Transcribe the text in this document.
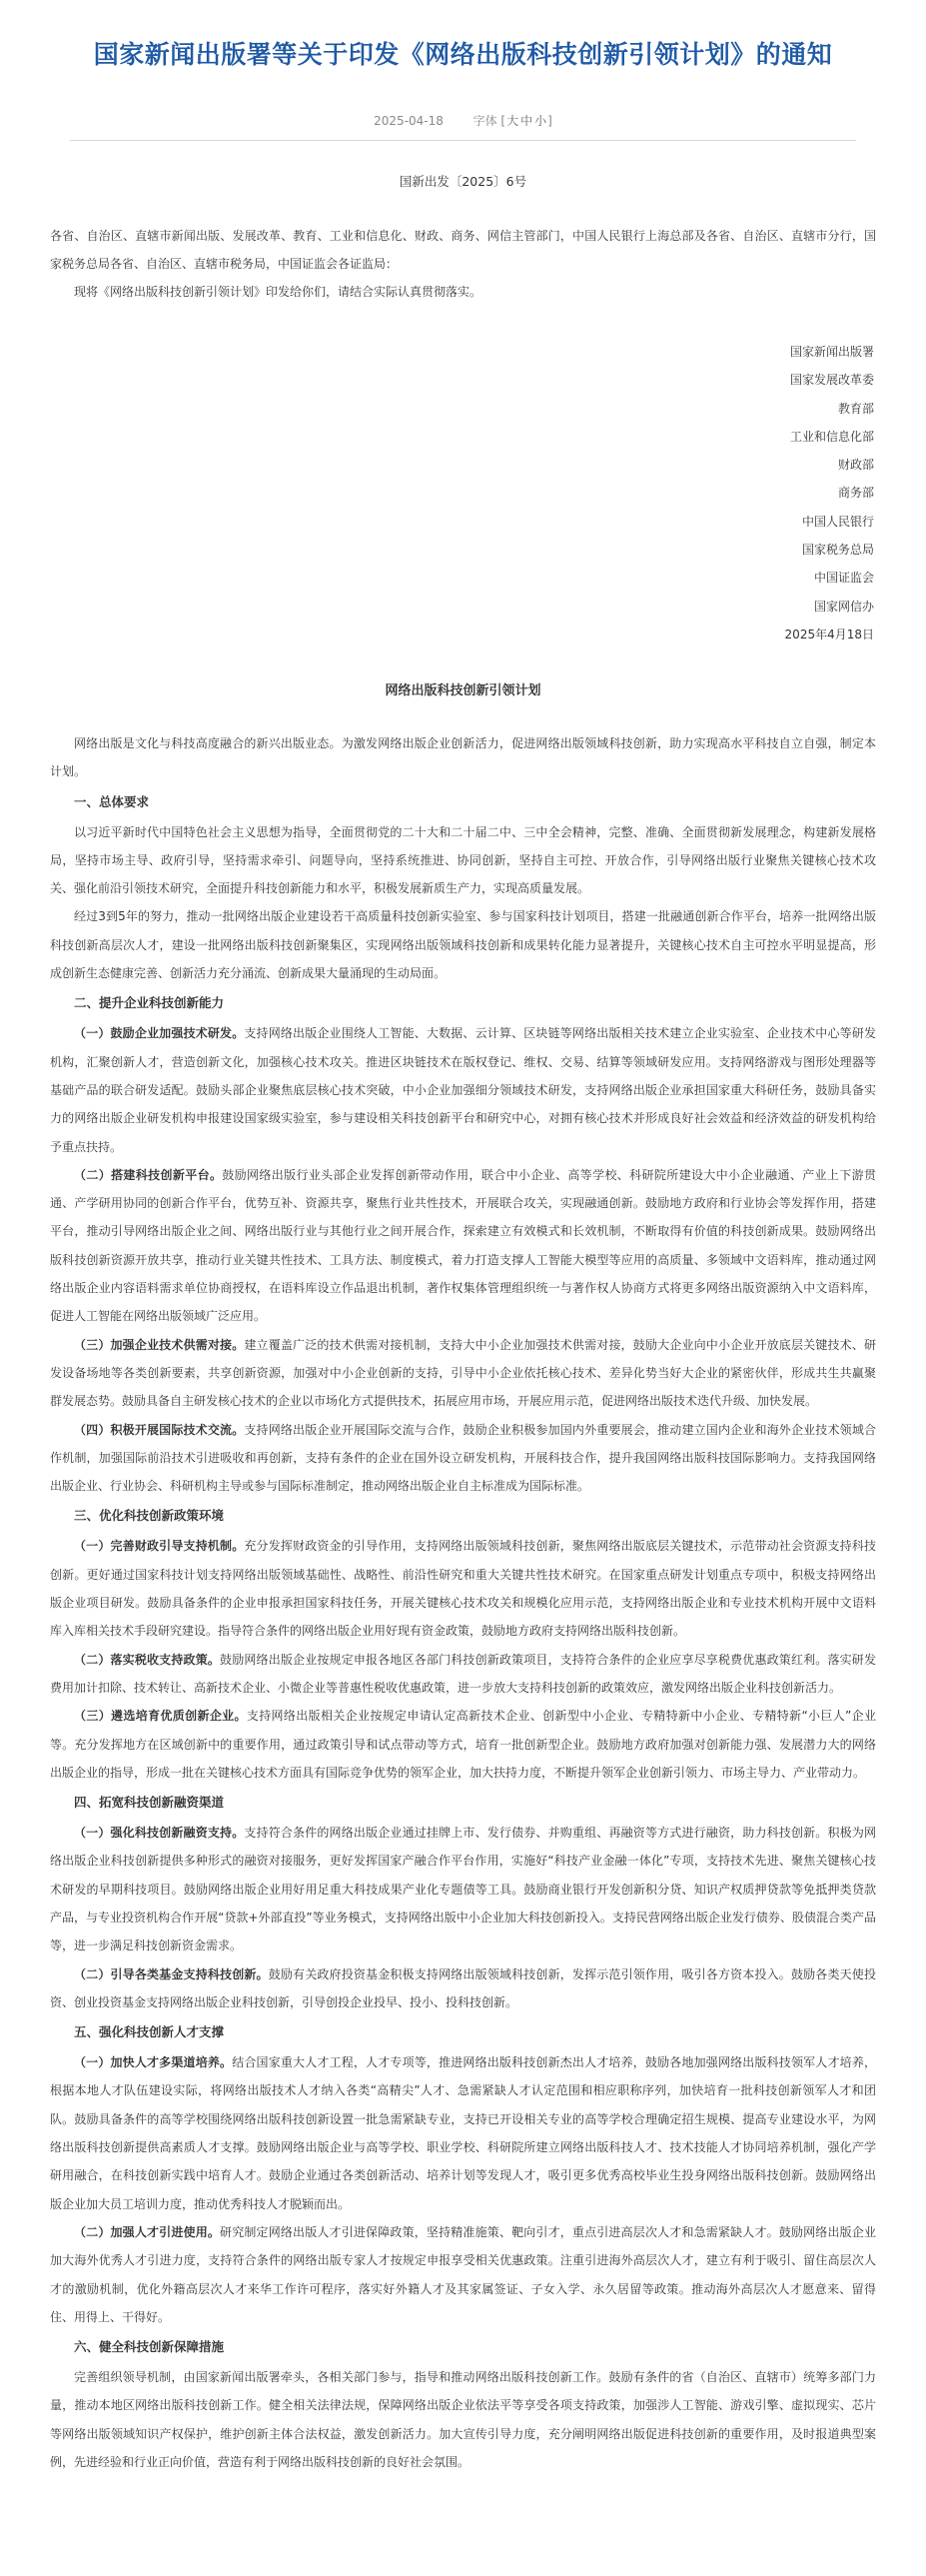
国家新闻出版署等关于印发《网络出版科技创新引领计划》的通知
2025-04-18 字体 [大 中 小]
国新出发〔2025〕6号

各省、自治区、直辖市新闻出版、发展改革、教育、工业和信息化、财政、商务、网信主管部门，中国人民银行上海总部及各省、自治区、直辖市分行，国家税务总局各省、自治区、直辖市税务局，中国证监会各证监局：

现将《网络出版科技创新引领计划》印发给你们，请结合实际认真贯彻落实。

国家新闻出版署
国家发展改革委
教育部
工业和信息化部
财政部
商务部
中国人民银行
国家税务总局
中国证监会
国家网信办
2025年4月18日
网络出版科技创新引领计划

网络出版是文化与科技高度融合的新兴出版业态。为激发网络出版企业创新活力，促进网络出版领域科技创新，助力实现高水平科技自立自强，制定本计划。

一、总体要求

以习近平新时代中国特色社会主义思想为指导，全面贯彻党的二十大和二十届二中、三中全会精神，完整、准确、全面贯彻新发展理念，构建新发展格局，坚持市场主导、政府引导，坚持需求牵引、问题导向，坚持系统推进、协同创新，坚持自主可控、开放合作，引导网络出版行业聚焦关键核心技术攻关、强化前沿引领技术研究，全面提升科技创新能力和水平，积极发展新质生产力，实现高质量发展。

经过3到5年的努力，推动一批网络出版企业建设若干高质量科技创新实验室、参与国家科技计划项目，搭建一批融通创新合作平台，培养一批网络出版科技创新高层次人才，建设一批网络出版科技创新聚集区，实现网络出版领域科技创新和成果转化能力显著提升，关键核心技术自主可控水平明显提高，形成创新生态健康完善、创新活力充分涌流、创新成果大量涌现的生动局面。

二、提升企业科技创新能力

（一）鼓励企业加强技术研发。支持网络出版企业围绕人工智能、大数据、云计算、区块链等网络出版相关技术建立企业实验室、企业技术中心等研发机构，汇聚创新人才，营造创新文化，加强核心技术攻关。推进区块链技术在版权登记、维权、交易、结算等领域研发应用。支持网络游戏与图形处理器等基础产品的联合研发适配。鼓励头部企业聚焦底层核心技术突破，中小企业加强细分领域技术研发，支持网络出版企业承担国家重大科研任务，鼓励具备实力的网络出版企业研发机构申报建设国家级实验室，参与建设相关科技创新平台和研究中心，对拥有核心技术并形成良好社会效益和经济效益的研发机构给予重点扶持。

（二）搭建科技创新平台。鼓励网络出版行业头部企业发挥创新带动作用，联合中小企业、高等学校、科研院所建设大中小企业融通、产业上下游贯通、产学研用协同的创新合作平台，优势互补、资源共享，聚焦行业共性技术，开展联合攻关，实现融通创新。鼓励地方政府和行业协会等发挥作用，搭建平台，推动引导网络出版企业之间、网络出版行业与其他行业之间开展合作，探索建立有效模式和长效机制，不断取得有价值的科技创新成果。鼓励网络出版科技创新资源开放共享，推动行业关键共性技术、工具方法、制度模式，着力打造支撑人工智能大模型等应用的高质量、多领域中文语料库，推动通过网络出版企业内容语料需求单位协商授权，在语料库设立作品退出机制，著作权集体管理组织统一与著作权人协商方式将更多网络出版资源纳入中文语料库，促进人工智能在网络出版领域广泛应用。

（三）加强企业技术供需对接。建立覆盖广泛的技术供需对接机制，支持大中小企业加强技术供需对接，鼓励大企业向中小企业开放底层关键技术、研发设备场地等各类创新要素，共享创新资源，加强对中小企业创新的支持，引导中小企业依托核心技术、差异化势当好大企业的紧密伙伴，形成共生共赢聚群发展态势。鼓励具备自主研发核心技术的企业以市场化方式提供技术，拓展应用市场，开展应用示范，促进网络出版技术迭代升级、加快发展。

（四）积极开展国际技术交流。支持网络出版企业开展国际交流与合作，鼓励企业积极参加国内外重要展会，推动建立国内企业和海外企业技术领域合作机制，加强国际前沿技术引进吸收和再创新，支持有条件的企业在国外设立研发机构，开展科技合作，提升我国网络出版科技国际影响力。支持我国网络出版企业、行业协会、科研机构主导或参与国际标准制定，推动网络出版企业自主标准成为国际标准。

三、优化科技创新政策环境

（一）完善财政引导支持机制。充分发挥财政资金的引导作用，支持网络出版领域科技创新，聚焦网络出版底层关键技术，示范带动社会资源支持科技创新。更好通过国家科技计划支持网络出版领域基础性、战略性、前沿性研究和重大关键共性技术研究。在国家重点研发计划重点专项中，积极支持网络出版企业项目研发。鼓励具备条件的企业申报承担国家科技任务，开展关键核心技术攻关和规模化应用示范，支持网络出版企业和专业技术机构开展中文语料库入库相关技术手段研究建设。指导符合条件的网络出版企业用好现有资金政策，鼓励地方政府支持网络出版科技创新。

（二）落实税收支持政策。鼓励网络出版企业按规定申报各地区各部门科技创新政策项目，支持符合条件的企业应享尽享税费优惠政策红利。落实研发费用加计扣除、技术转让、高新技术企业、小微企业等普惠性税收优惠政策，进一步放大支持科技创新的政策效应，激发网络出版企业科技创新活力。

（三）遴选培育优质创新企业。支持网络出版相关企业按规定申请认定高新技术企业、创新型中小企业、专精特新中小企业、专精特新“小巨人”企业等。充分发挥地方在区域创新中的重要作用，通过政策引导和试点带动等方式，培育一批创新型企业。鼓励地方政府加强对创新能力强、发展潜力大的网络出版企业的指导，形成一批在关键核心技术方面具有国际竞争优势的领军企业，加大扶持力度，不断提升领军企业创新引领力、市场主导力、产业带动力。

四、拓宽科技创新融资渠道

（一）强化科技创新融资支持。支持符合条件的网络出版企业通过挂牌上市、发行债券、并购重组、再融资等方式进行融资，助力科技创新。积极为网络出版企业科技创新提供多种形式的融资对接服务，更好发挥国家产融合作平台作用，实施好“科技产业金融一体化”专项，支持技术先进、聚焦关键核心技术研发的早期科技项目。鼓励网络出版企业用好用足重大科技成果产业化专题债等工具。鼓励商业银行开发创新积分贷、知识产权质押贷款等免抵押类贷款产品，与专业投资机构合作开展“贷款+外部直投”等业务模式，支持网络出版中小企业加大科技创新投入。支持民营网络出版企业发行债券、股债混合类产品等，进一步满足科技创新资金需求。

（二）引导各类基金支持科技创新。鼓励有关政府投资基金积极支持网络出版领域科技创新，发挥示范引领作用，吸引各方资本投入。鼓励各类天使投资、创业投资基金支持网络出版企业科技创新，引导创投企业投早、投小、投科技创新。

五、强化科技创新人才支撑

（一）加快人才多渠道培养。结合国家重大人才工程，人才专项等，推进网络出版科技创新杰出人才培养，鼓励各地加强网络出版科技领军人才培养，根据本地人才队伍建设实际，将网络出版技术人才纳入各类“高精尖”人才、急需紧缺人才认定范围和相应职称序列，加快培育一批科技创新领军人才和团队。鼓励具备条件的高等学校围绕网络出版科技创新设置一批急需紧缺专业，支持已开设相关专业的高等学校合理确定招生规模、提高专业建设水平，为网络出版科技创新提供高素质人才支撑。鼓励网络出版企业与高等学校、职业学校、科研院所建立网络出版科技人才、技术技能人才协同培养机制，强化产学研用融合，在科技创新实践中培育人才。鼓励企业通过各类创新活动、培养计划等发现人才，吸引更多优秀高校毕业生投身网络出版科技创新。鼓励网络出版企业加大员工培训力度，推动优秀科技人才脱颖而出。

（二）加强人才引进使用。研究制定网络出版人才引进保障政策，坚持精准施策、靶向引才，重点引进高层次人才和急需紧缺人才。鼓励网络出版企业加大海外优秀人才引进力度，支持符合条件的网络出版专家人才按规定申报享受相关优惠政策。注重引进海外高层次人才，建立有利于吸引、留住高层次人才的激励机制，优化外籍高层次人才来华工作许可程序，落实好外籍人才及其家属签证、子女入学、永久居留等政策。推动海外高层次人才愿意来、留得住、用得上、干得好。

六、健全科技创新保障措施

完善组织领导机制，由国家新闻出版署牵头，各相关部门参与，指导和推动网络出版科技创新工作。鼓励有条件的省（自治区、直辖市）统筹多部门力量，推动本地区网络出版科技创新工作。健全相关法律法规，保障网络出版企业依法平等享受各项支持政策，加强涉人工智能、游戏引擎、虚拟现实、芯片等网络出版领域知识产权保护，维护创新主体合法权益，激发创新活力。加大宣传引导力度，充分阐明网络出版促进科技创新的重要作用，及时报道典型案例，先进经验和行业正向价值，营造有利于网络出版科技创新的良好社会氛围。
